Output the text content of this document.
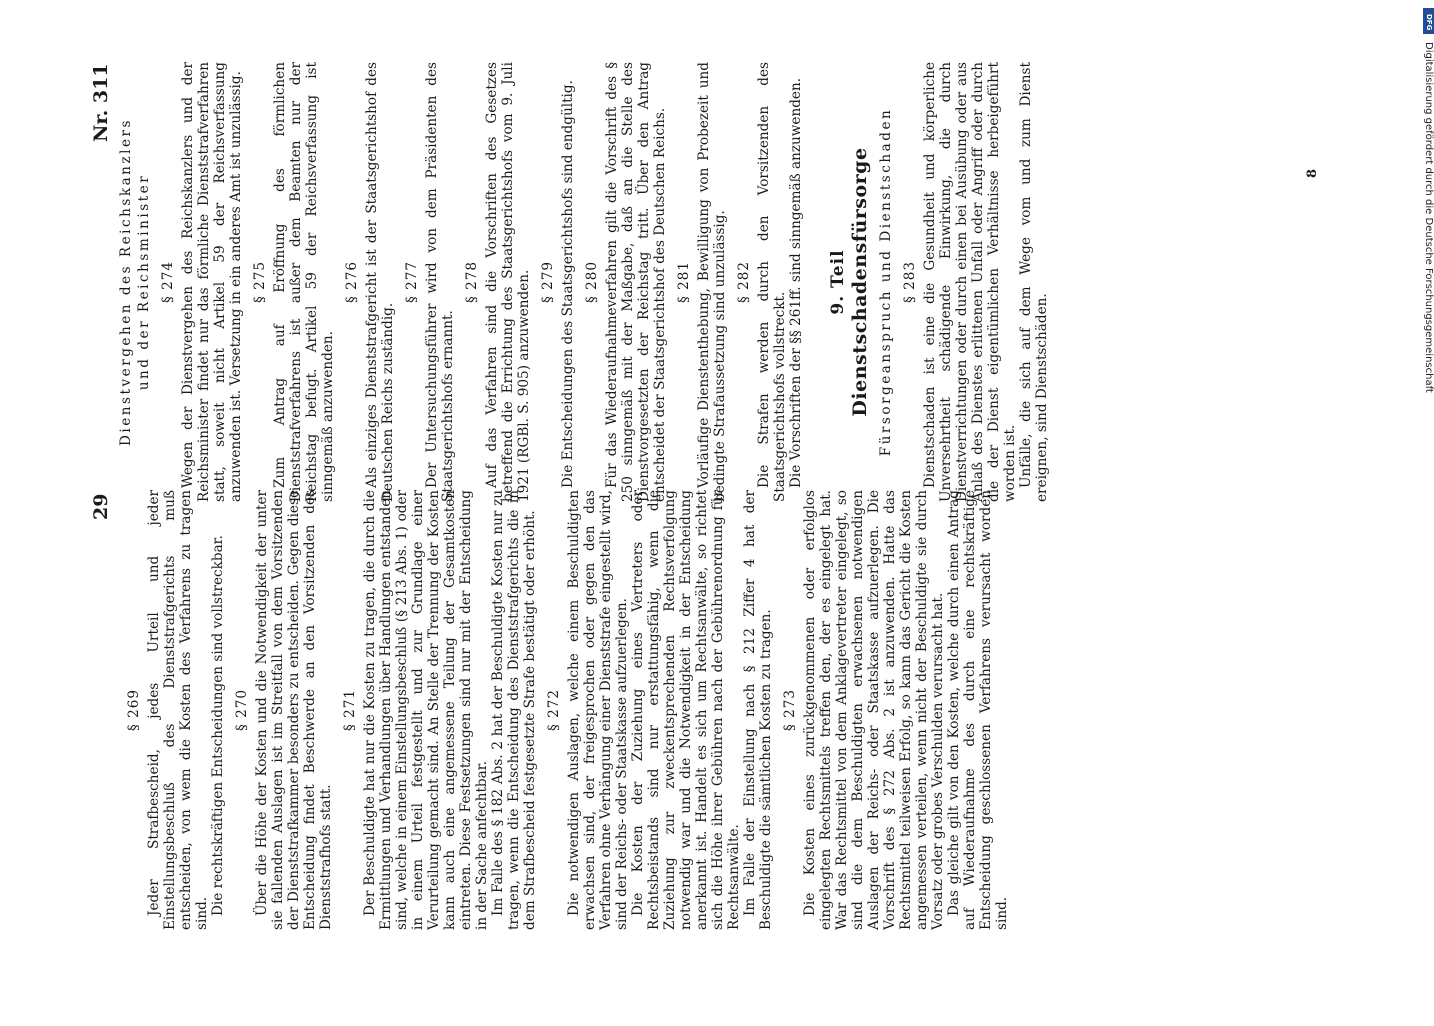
29
Nr. 311

§ 269 Jeder Strafbescheid, jedes Urteil und jeder Einstellungsbeschluß des Dienststrafgerichts muß entscheiden, von wem die Kosten des Verfahrens zu tragen sind. Die rechtskräftigen Entscheidungen sind vollstreckbar. § 270 Über die Höhe der Kosten und die Notwendigkeit der unter sie fallenden Auslagen ist im Streitfall von dem Vorsitzenden der Dienststrafkammer besonders zu entscheiden. Gegen diese Entscheidung findet Beschwerde an den Vorsitzenden des Dienststrafhofs statt.

§ 271 Der Beschuldigte hat nur die Kosten zu tragen, die durch die Ermittlungen und Verhandlungen über Handlungen entstanden sind, welche in einem Einstellungsbeschluß (§ 213 Abs. 1) oder in einem Urteil festgestellt und zur Grundlage einer Verurteilung gemacht sind. An Stelle der Trennung der Kosten kann auch eine angemessene Teilung der Gesamtkosten eintreten. Diese Festsetzungen sind nur mit der Entscheidung in der Sache anfechtbar. Im Falle des § 182 Abs. 2 hat der Beschuldigte Kosten nur zu tragen, wenn die Entscheidung des Dienststrafgerichts die in dem Strafbescheid festgesetzte Strafe bestätigt oder erhöht. § 272 Die notwendigen Auslagen, welche einem Beschuldigten erwachsen sind, der freigesprochen oder gegen den das Verfahren ohne Verhängung einer Dienststrafe eingestellt wird, sind der Reichs- oder Staatskasse aufzuerlegen. Die Kosten der Zuziehung eines Vertreters oder Rechtsbeistands sind nur erstattungsfähig, wenn die Zuziehung zur zweckentsprechenden Rechtsverfolgung notwendig war und die Notwendigkeit in der Entscheidung anerkannt ist. Handelt es sich um Rechtsanwälte, so richtet sich die Höhe ihrer Gebühren nach der Gebührenordnung für Rechtsanwälte. Im Falle der Einstellung nach § 212 Ziffer 4 hat der Beschuldigte die sämtlichen Kosten zu tragen. § 273 Die Kosten eines zurückgenommenen oder erfolglos eingelegten Rechtsmittels treffen den, der es eingelegt hat. War das Rechtsmittel von dem Anklagevertreter eingelegt, so sind die dem Beschuldigten erwachsenen notwendigen Auslagen der Reichs- oder Staatskasse aufzuerlegen. Die Vorschrift des § 272 Abs. 2 ist anzuwenden. Hatte das Rechtsmittel teilweisen Erfolg, so kann das Gericht die Kosten angemessen verteilen, wenn nicht der Beschuldigte sie durch Vorsatz oder grobes Verschulden verursacht hat. Das gleiche gilt von den Kosten, welche durch einen Antrag auf Wiederaufnahme des durch eine rechtskräftige Entscheidung geschlossenen Verfahrens verursacht worden sind.

Dienstvergehen des Reichskanzlers und der Reichsminister § 274 Wegen der Dienstvergehen des Reichskanzlers und der Reichsminister findet nur das förmliche Dienststrafverfahren statt, soweit nicht Artikel 59 der Reichsverfassung anzuwenden ist. Versetzung in ein anderes Amt ist unzulässig. § 275 Zum Antrag auf Eröffnung des förmlichen Dienststrafverfahrens ist außer dem Beamten nur der Reichstag befugt. Artikel 59 der Reichsverfassung ist sinngemäß anzuwenden.

§ 276 Als einziges Dienststrafgericht ist der Staatsgerichtshof des Deutschen Reichs zuständig.

§ 277 Der Untersuchungsführer wird von dem Präsidenten des Staatsgerichtshofs ernannt.

§ 278 Auf das Verfahren sind die Vorschriften des Gesetzes betreffend die Errichtung des Staatsgerichtshofs vom 9. Juli 1921 (RGBl. S. 905) anzuwenden. § 279 Die Entscheidungen des Staatsgerichtshofs sind endgültig. § 280 Für das Wiederaufnahmeverfahren gilt die Vorschrift des § 250 sinngemäß mit der Maßgabe, daß an die Stelle des Dienstvorgesetzten der Reichstag tritt. Über den Antrag entscheidet der Staatsgerichtshof des Deutschen Reichs. § 281 Vorläufige Dienstenthebung, Bewilligung von Probezeit und bedingte Strafaussetzung sind unzulässig. § 282 Die Strafen werden durch den Vorsitzenden des Staatsgerichtshofs vollstreckt. Die Vorschriften der §§ 261ff. sind sinngemäß anzuwenden. 9. Teil Dienstschadensfürsorge Fürsorgeanspruch und Dienstschaden § 283 Dienstschaden ist eine die Gesundheit und körperliche Unversehrtheit schädigende Einwirkung, die durch Dienstverrichtungen oder durch einen bei Ausübung oder aus Anlaß des Dienstes erlittenen Unfall oder Angriff oder durch die der Dienst eigentümlichen Verhältnisse herbeigeführt worden ist. Unfälle, die sich auf dem Wege vom und zum Dienst ereignen, sind Dienstschäden.

8
DFG
Digitalisierung gefördert durch die Deutsche Forschungsgemeinschaft
